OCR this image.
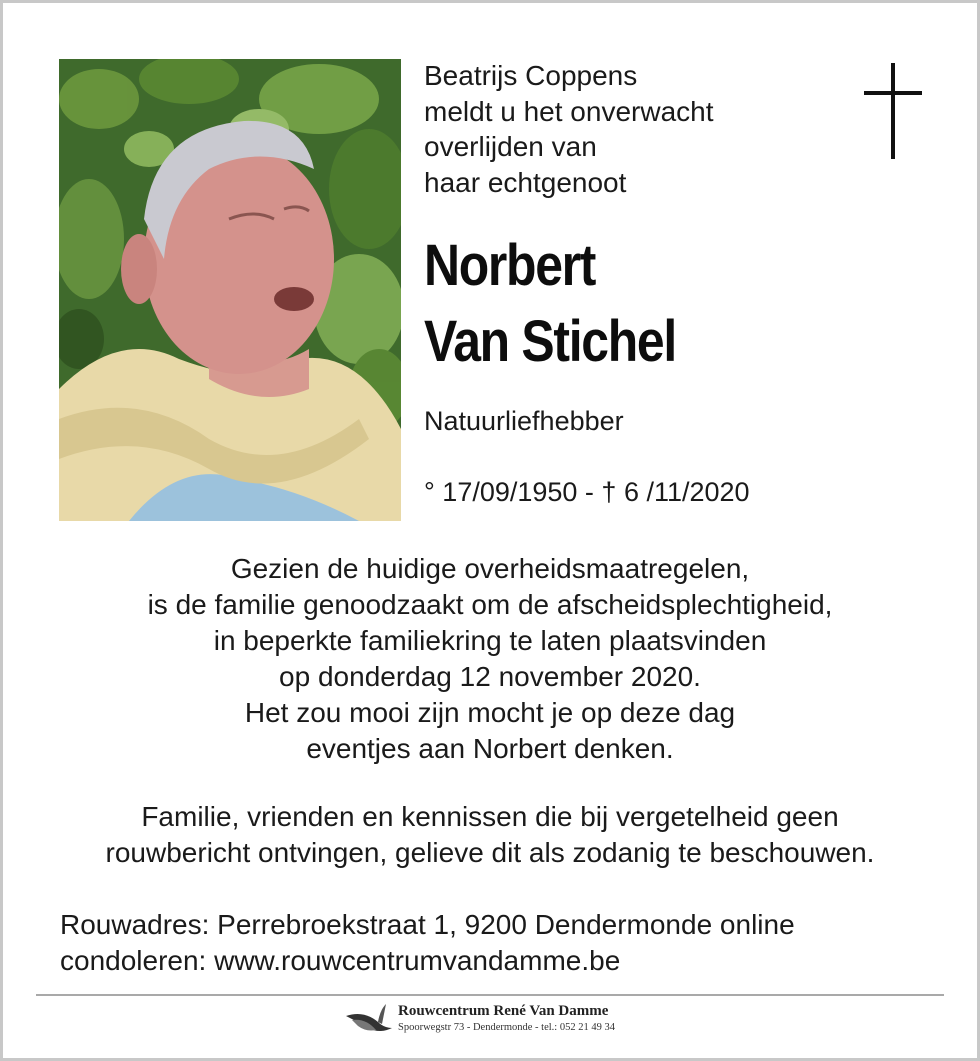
Beatrijs Coppens
meldt u het onverwacht
overlijden van
haar echtgenoot
Norbert
Van Stichel
Natuurliefhebber
° 17/09/1950 - † 6 /11/2020
Gezien de huidige overheidsmaatregelen,
is de familie genoodzaakt om de afscheidsplechtigheid,
in beperkte familiekring te laten plaatsvinden
op donderdag 12 november 2020.
Het zou mooi zijn mocht je op deze dag
eventjes aan Norbert denken.
Familie, vrienden en kennissen die bij vergetelheid geen
rouwbericht ontvingen, gelieve dit als zodanig te beschouwen.
Rouwadres: Perrebroekstraat 1, 9200 Dendermonde online
condoleren: www.rouwcentrumvandamme.be
Rouwcentrum René Van Damme
Spoorwegstr 73 - Dendermonde - tel.: 052 21 49 34
